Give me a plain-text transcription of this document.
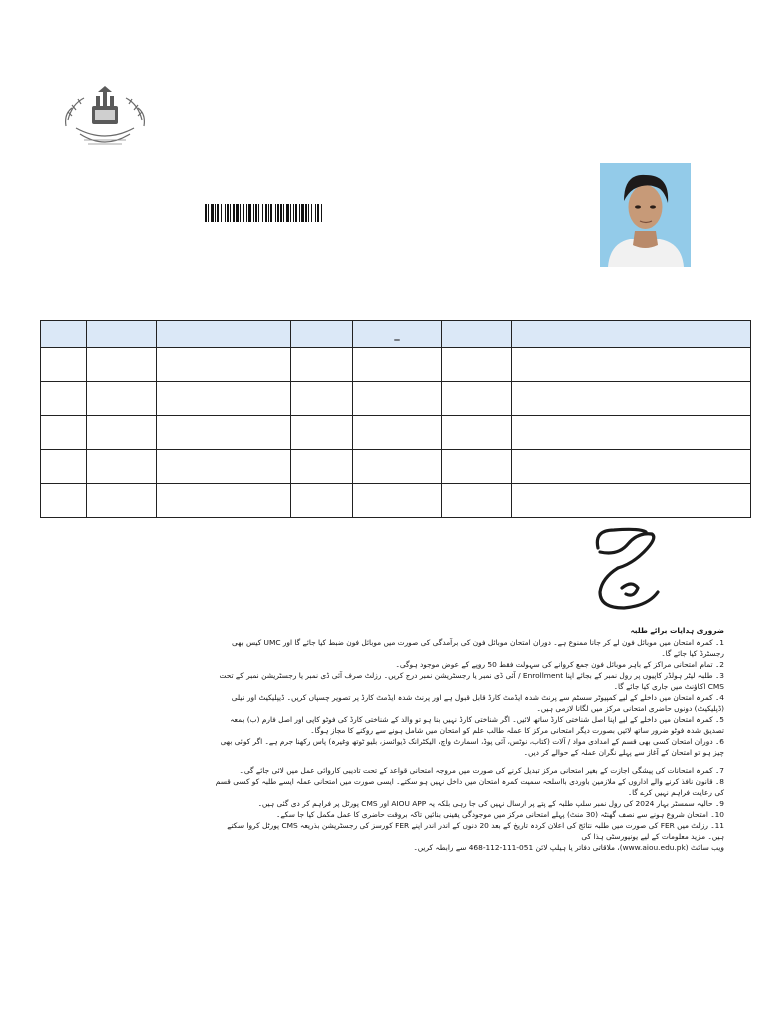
				_		

ضروری ہدایات برائے طلبہ

1۔ کمرہ امتحان میں موبائل فون لے کر جانا ممنوع ہے۔ دوران امتحان موبائل فون کی برآمدگی کی صورت میں موبائل فون ضبط کیا جائے گا اور UMC کیس بھی رجسٹرڈ کیا جائے گا۔

2۔ تمام امتحانی مراکز کے باہر موبائل فون جمع کروانے کی سہولت فقط 50 روپے کے عوض موجود ہوگی۔

3۔ طلبہ لیٹر ہولڈر کاپیوں پر رول نمبر کے بجائے اپنا Enrollment / آئی ڈی نمبر یا رجسٹریشن نمبر درج کریں۔ رزلٹ صرف آئی ڈی نمبر یا رجسٹریشن نمبر کے تحت CMS اکاؤنٹ میں جاری کیا جائے گا۔

4۔ کمرہ امتحان میں داخلے کے لیے کمپیوٹر سسٹم سے پرنٹ شدہ ایڈمٹ کارڈ قابل قبول ہے اور پرنٹ شدہ ایڈمٹ کارڈ پر تصویر چسپاں کریں۔ ڈیپلیکیٹ اور نیلی (ڈپلیکیٹ) دونوں حاضری امتحانی مرکز میں لگانا لازمی ہیں۔

5۔ کمرہ امتحان میں داخلے کے لیے اپنا اصل شناختی کارڈ ساتھ لائیں۔ اگر شناختی کارڈ نہیں بنا ہو تو والد کے شناختی کارڈ کی فوٹو کاپی اور اصل فارم (ب) بمعہ تصدیق شدہ فوٹو ضرور ساتھ لائیں بصورت دیگر امتحانی مرکز کا عملہ طالب علم کو امتحان میں شامل ہونے سے روکنے کا مجاز ہوگا۔

6۔ دوران امتحان کسی بھی قسم کے امدادی مواد / آلات (کتاب، نوٹس، آئی پوڈ، اسمارٹ واچ، الیکٹرانک ڈیوائسز، بلیو ٹوتھ وغیرہ) پاس رکھنا جرم ہے۔ اگر کوئی بھی چیز ہو تو امتحان کے آغاز سے پہلے نگران عملہ کے حوالے کر دیں۔

7۔ کمرہ امتحانات کی پیشگی اجازت کے بغیر امتحانی مرکز تبدیل کرنے کی صورت میں مروجہ امتحانی قواعد کے تحت تادیبی کاروائی عمل میں لائی جائے گی۔

8۔ قانون نافذ کرنے والے اداروں کے ملازمین باوردی بااسلحہ سمیت کمرہ امتحان میں داخل نہیں ہو سکتے۔ ایسی صورت میں امتحانی عملہ ایسے طلبہ کو کسی قسم کی رعایت فراہم نہیں کرے گا۔

9۔ حالیہ سمسٹر بہار 2024 کی رول نمبر سلپ طلبہ کے پتے پر ارسال نہیں کی جا رہی بلکہ یہ AIOU APP اور CMS پورٹل پر فراہم کر دی گئی ہیں۔

10۔ امتحان شروع ہونے سے نصف گھنٹہ (30 منٹ) پہلے امتحانی مرکز میں موجودگی یقینی بنائیں تاکہ بروقت حاضری کا عمل مکمل کیا جا سکے۔

11۔ رزلٹ میں FER کی صورت میں طلبہ نتائج کی اعلان کردہ تاریخ کے بعد 20 دنوں کے اندر اندر اپنے FER کورسز کی رجسٹریشن بذریعہ CMS پورٹل کروا سکتے ہیں۔ مزید معلومات کے لیے یونیورسٹی ہذا کی

ویب سائٹ (www.aiou.edu.pk)، ملاقاتی دفاتر یا ہیلپ لائن 051-111-112-468 سے رابطہ کریں۔
